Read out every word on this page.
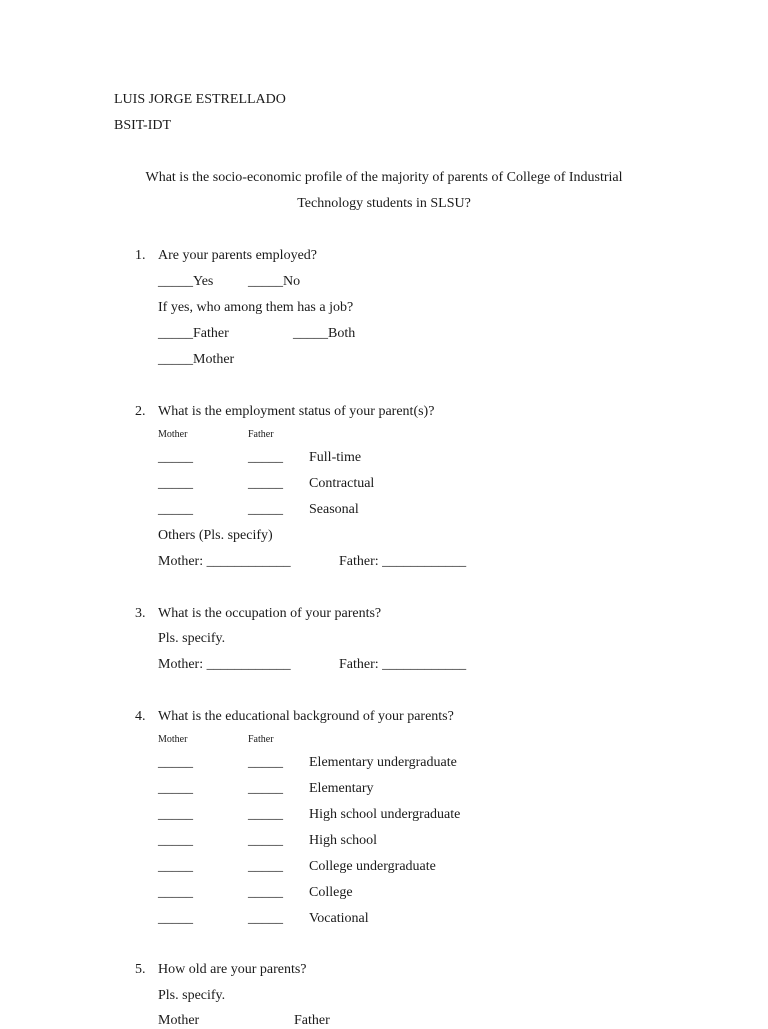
LUIS JORGE ESTRELLADO
BSIT-IDT
What is the socio-economic profile of the majority of parents of College of Industrial
Technology students in SLSU?
1. Are your parents employed?
_____Yes _____No
If yes, who among them has a job?
_____Father	_____Both
_____Mother
2. What is the employment status of your parent(s)?
Mother	Father
_____	_____ Full-time
_____	_____ Contractual
_____	_____ Seasonal
Others (Pls. specify)
Mother: ____________	Father: ____________
3. What is the occupation of your parents?
Pls. specify.
Mother: ____________	Father: ____________
4. What is the educational background of your parents?
Mother	Father
_____	_____ Elementary undergraduate
_____	_____ Elementary
_____	_____ High school undergraduate
_____	_____ High school
_____	_____ College undergraduate
_____	_____ College
_____	_____ Vocational
5. How old are your parents?
Pls. specify.
Mother	Father
